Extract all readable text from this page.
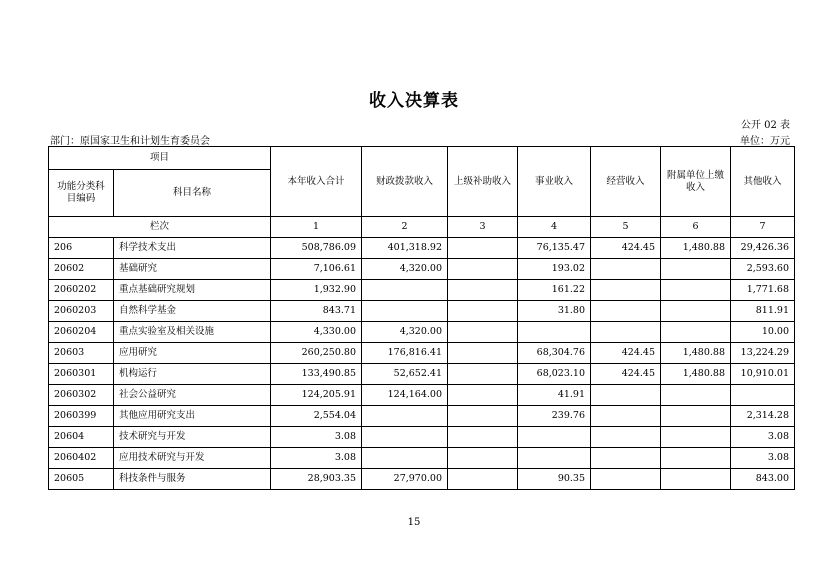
收入决算表
公开 02 表
部门：原国家卫生和计划生育委员会	单位：万元
项目		本年收入合计	财政拨款收入	上级补助收入	事业收入	经营收入	附属单位上缴收入	其他收入
功能分类科目编码	科目名称							
栏次		1	2	3	4	5	6	7
206	科学技术支出	508,786.09	401,318.92		76,135.47	424.45	1,480.88	29,426.36
20602	基础研究	7,106.61	4,320.00		193.02			2,593.60
2060202	重点基础研究规划	1,932.90			161.22			1,771.68
2060203	自然科学基金	843.71			31.80			811.91
2060204	重点实验室及相关设施	4,330.00	4,320.00					10.00
20603	应用研究	260,250.80	176,816.41		68,304.76	424.45	1,480.88	13,224.29
2060301	机构运行	133,490.85	52,652.41		68,023.10	424.45	1,480.88	10,910.01
2060302	社会公益研究	124,205.91	124,164.00		41.91			
2060399	其他应用研究支出	2,554.04			239.76			2,314.28
20604	技术研究与开发	3.08						3.08
2060402	应用技术研究与开发	3.08						3.08
20605	科技条件与服务	28,903.35	27,970.00		90.35			843.00
15
